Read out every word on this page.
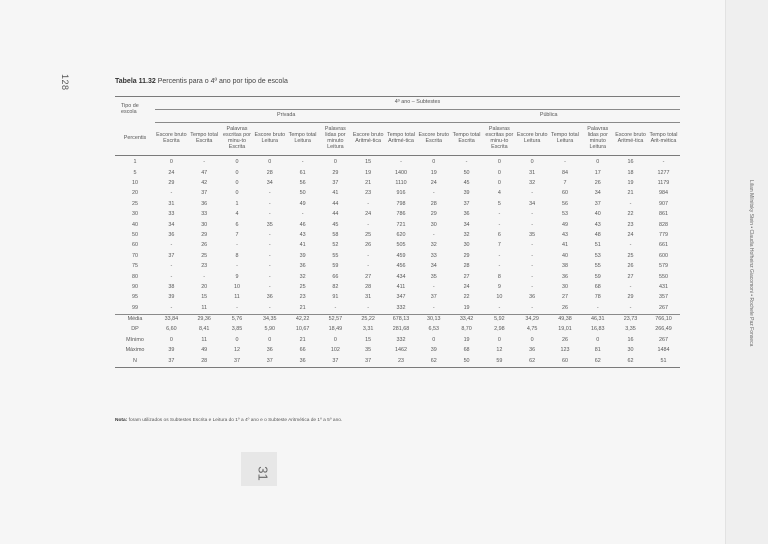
128
31
Lilian Milnitsky Stein • Claudia Hofheinz Giacomoni • Rochele Paz Fonseca
Tabela 11.32 Percentis para o 4º ano por tipo de escola
Tipo de escola	4º ano – Subtestes															
	Privada								Pública							
Percentis	Escore bruto Escrita	Tempo total Escrita	Palavras escritas por minu-to Escrita	Escore bruto Leitura	Tempo total Leitura	Palavras lidas por minuto Leitura	Escore bruto Aritmé-tica	Tempo total Aritmé-tica	Escore bruto Escrita	Tempo total Escrita	Palavras escritas por minu-to Escrita	Escore bruto Leitura	Tempo total Leitura	Palavras lidas por minuto Leitura	Escore bruto Aritmé-tica	Tempo total Arit-mética
1	0	-	0	0	-	0	15	-	0	-	0	0	-	0	16	-
5	24	47	0	28	61	29	19	1400	19	50	0	31	84	17	18	1277
10	29	42	0	34	56	37	21	1110	24	45	0	32	7	26	19	1179
20	-	37	0	-	50	41	23	916	-	39	4	-	60	34	21	984
25	31	36	1	-	49	44	-	798	28	37	5	34	56	37	-	907
30	33	33	4	-	-	44	24	786	29	36	-	-	53	40	22	861
40	34	30	6	35	46	45	-	721	30	34	-	-	49	43	23	828
50	36	29	7	-	43	58	25	620	-	32	6	35	43	48	24	779
60	-	26	-	-	41	52	26	505	32	30	7	-	41	51	-	661
70	37	25	8	-	39	55	-	459	33	29	-	-	40	53	25	600
75	-	23	-	-	36	59	-	456	34	28	-	-	38	55	26	579
80	-	-	9	-	32	66	27	434	35	27	8	-	36	59	27	550
90	38	20	10	-	25	82	28	411	-	24	9	-	30	68	-	431
95	39	15	11	36	23	91	31	347	37	22	10	36	27	78	29	357
99	-	11	-	-	21	-	-	332	-	19	-	-	26	-	-	267
Média	33,84	29,36	5,76	34,35	42,22	52,57	25,22	678,13	30,13	33,42	5,92	34,29	49,38	46,31	23,73	766,10
DP	6,60	8,41	3,85	5,90	10,67	18,49	3,31	281,68	6,53	8,70	2,98	4,75	19,01	16,83	3,35	266,49
Mínimo	0	11	0	0	21	0	15	332	0	19	0	0	26	0	16	267
Máximo	39	49	12	36	66	102	35	1462	39	68	12	36	123	81	30	1484
N	37	28	37	37	36	37	37	23	62	50	59	62	60	62	62	51
Nota: foram utilizados os Subtestes Escrita e Leitura do 1º a 4º ano e o Subteste Aritmética de 1º a 5º ano.
